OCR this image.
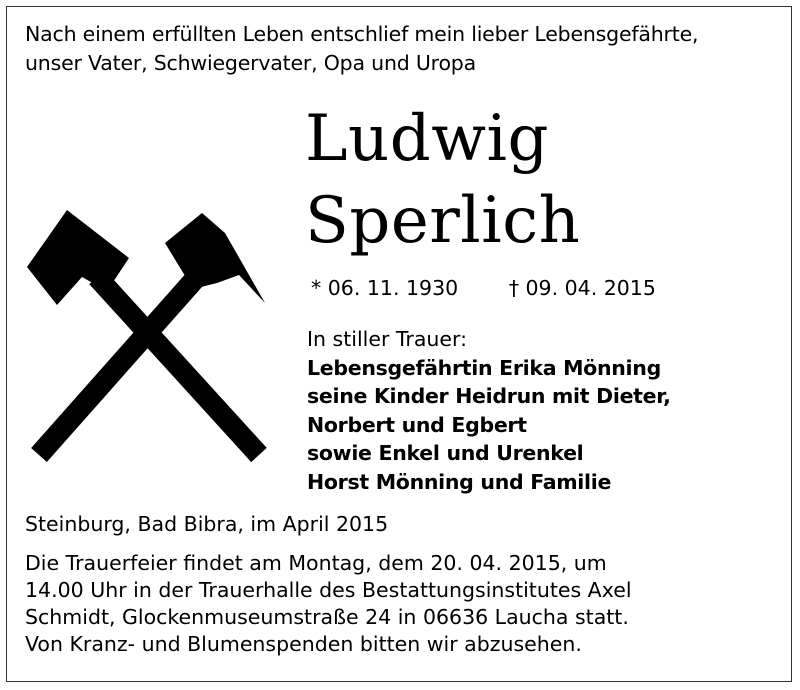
Nach einem erfüllten Leben entschlief mein lieber Lebensgefährte,
unser Vater, Schwiegervater, Opa und Uropa
Ludwig
Sperlich
* 06. 11. 1930 † 09. 04. 2015
In stiller Trauer:
Lebensgefährtin Erika Mönning
seine Kinder Heidrun mit Dieter,
Norbert und Egbert
sowie Enkel und Urenkel
Horst Mönning und Familie
Steinburg, Bad Bibra, im April 2015
Die Trauerfeier findet am Montag, dem 20. 04. 2015, um
14.00 Uhr in der Trauerhalle des Bestattungsinstitutes Axel
Schmidt, Glockenmuseumstraße 24 in 06636 Laucha statt.
Von Kranz- und Blumenspenden bitten wir abzusehen.
